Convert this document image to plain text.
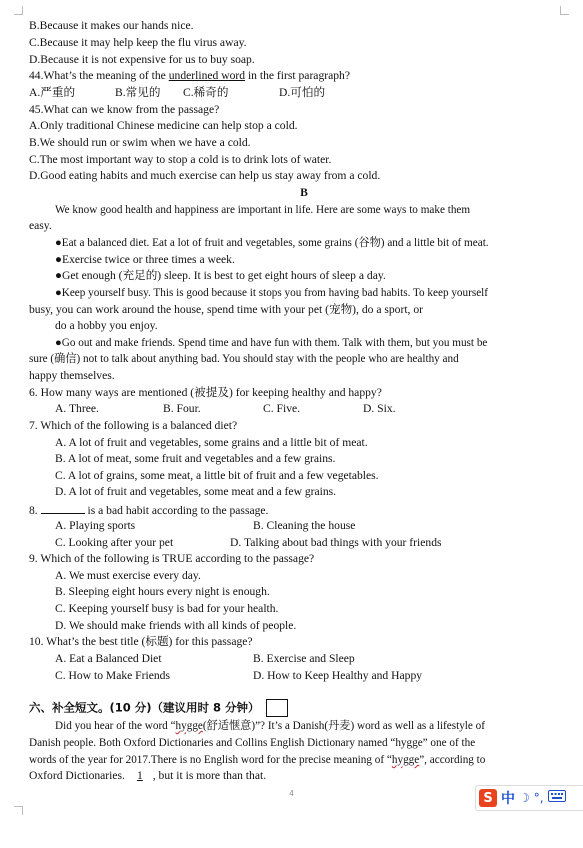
B.Because it makes our hands nice.
C.Because it may help keep the flu virus away.
D.Because it is not expensive for us to buy soap.
44.What’s the meaning of the underlined word in the first paragraph?
A.严重的	B.常见的 C.稀奇的	D.可怕的
45.What can we know from the passage?
A.Only traditional Chinese medicine can help stop a cold.
B.We should run or swim when we have a cold.
C.The most important way to stop a cold is to drink lots of water.
D.Good eating habits and much exercise can help us stay away from a cold.
B
We know good health and happiness are important in life. Here are some ways to make them
easy.
●Eat a balanced diet. Eat a lot of fruit and vegetables, some grains (谷物) and a little bit of meat.
●Exercise twice or three times a week.
●Get enough (充足的) sleep. It is best to get eight hours of sleep a day.
●Keep yourself busy. This is good because it stops you from having bad habits. To keep yourself
busy, you can work around the house, spend time with your pet (宠物), do a sport, or
do a hobby you enjoy.
●Go out and make friends. Spend time and have fun with them. Talk with them, but you must be
sure (确信) not to talk about anything bad. You should stay with the people who are healthy and
happy themselves.
6. How many ways are mentioned (被提及) for keeping healthy and happy?
A. Three.	B. Four.	C. Five.	D. Six.
7. Which of the following is a balanced diet?
A. A lot of fruit and vegetables, some grains and a little bit of meat.
B. A lot of meat, some fruit and vegetables and a few grains.
C. A lot of grains, some meat, a little bit of fruit and a few vegetables.
D. A lot of fruit and vegetables, some meat and a few grains.
8.	is a bad habit according to the passage.
A. Playing sports	B. Cleaning the house
C. Looking after your pet	D. Talking about bad things with your friends
9. Which of the following is TRUE according to the passage?
A. We must exercise every day.
B. Sleeping eight hours every night is enough.
C. Keeping yourself busy is bad for your health.
D. We should make friends with all kinds of people.
10. What’s the best title (标题) for this passage?
A. Eat a Balanced Diet	B. Exercise and Sleep
C. How to Make Friends	D. How to Keep Healthy and Happy
六、补全短文。(10 分)（建议用时 8 分钟）
Did you hear of the word “hygge(舒适惬意)”? It’s a Danish(丹麦) word as well as a lifestyle of
Danish people. Both Oxford Dictionaries and Collins English Dictionary named “hygge” one of the
words of the year for 2017.There is no English word for the precise meaning of “hygge”, according to
Oxford Dictionaries. 1 , but it is more than that.
4	S 中 ☽ °,
